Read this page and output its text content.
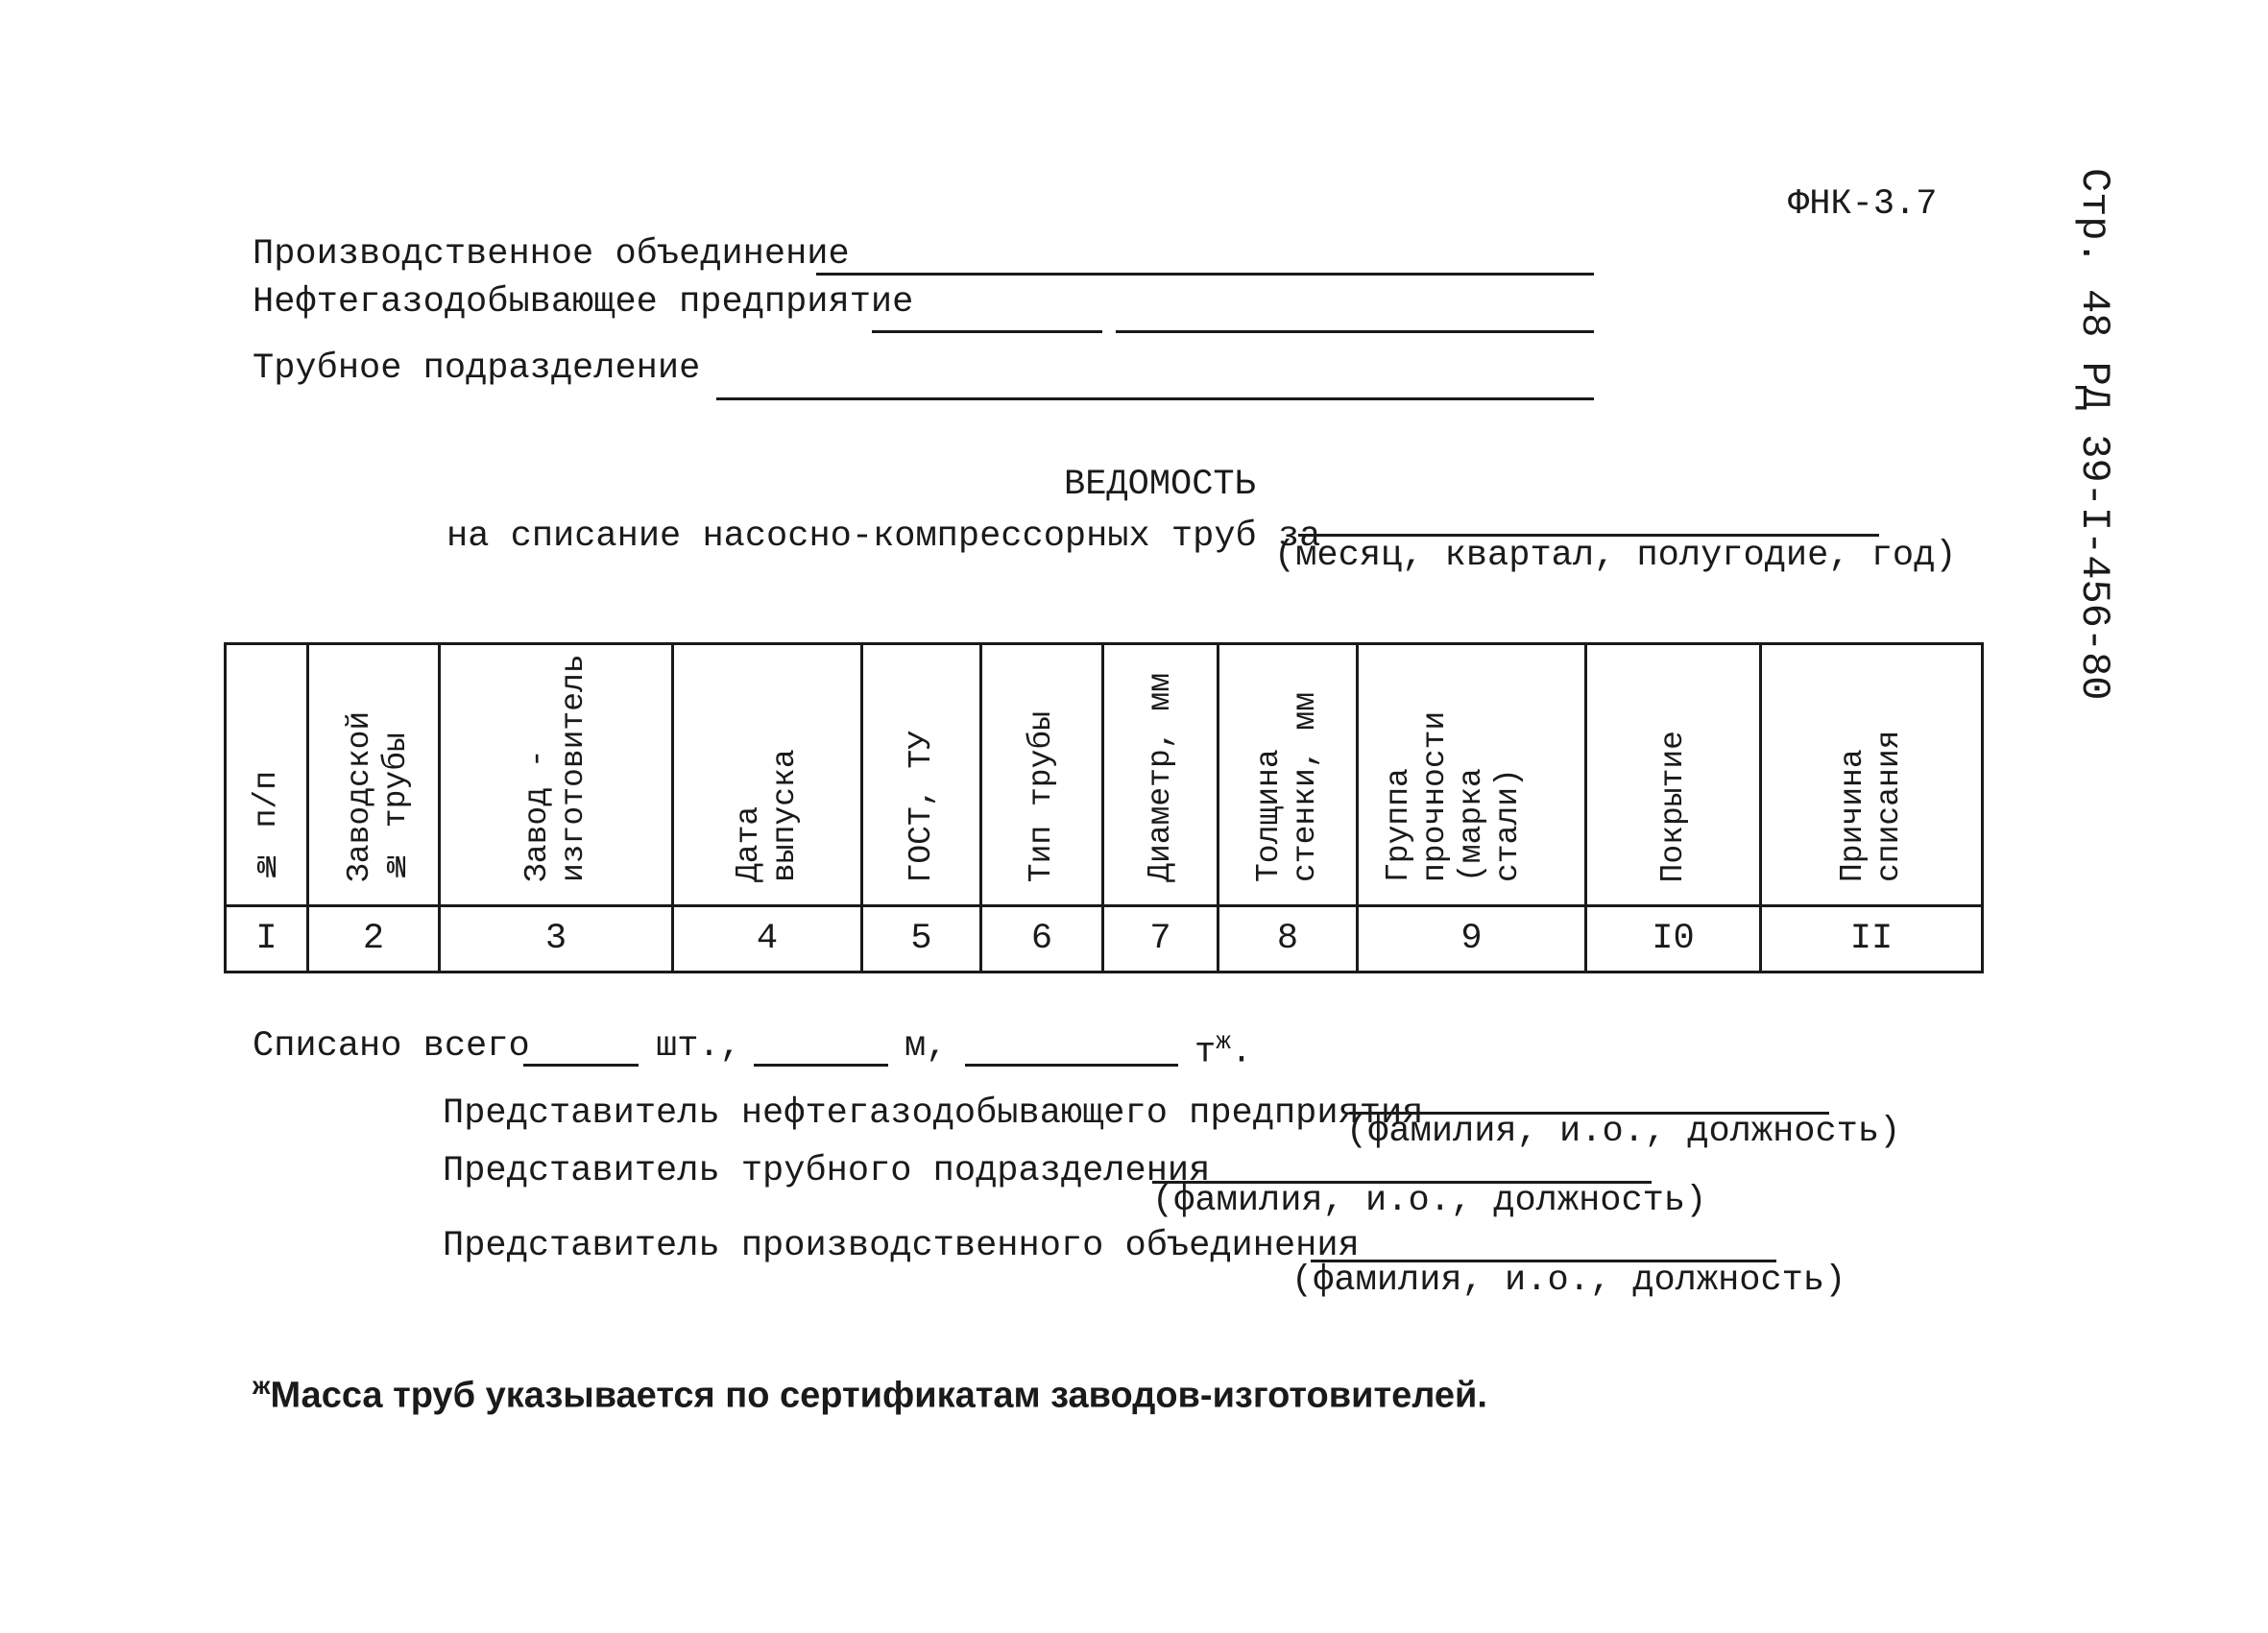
ФНК-3.7	Стр. 48 РД 39-I-456-80
Производственное объединение
Нефтегазодобывающее предприятие
Трубное подразделение
ВЕДОМОСТЬ
на списание насосно-компрессорных труб за
(месяц, квартал, полугодие, год)
№ п/п	Заводской № трубы	Завод - изготовитель	Дата выпуска	ГОСТ, ТУ	Тип трубы	Диаметр, мм	Толщина стенки, мм	Группа прочности (марка стали)	Покрытие	Причина списания
I	2	3	4	5	6	7	8	9	I0	II
Списано всего	шт.,	м,	$т^ж$.
Представитель нефтегазодобывающего предприятия
(фамилия, и.о., должность)
Представитель трубного подразделения
(фамилия, и.о., должность)
Представитель производственного объединения
(фамилия, и.о., должность)
$^ж$Масса труб указывается по сертификатам заводов-изготовителей.
